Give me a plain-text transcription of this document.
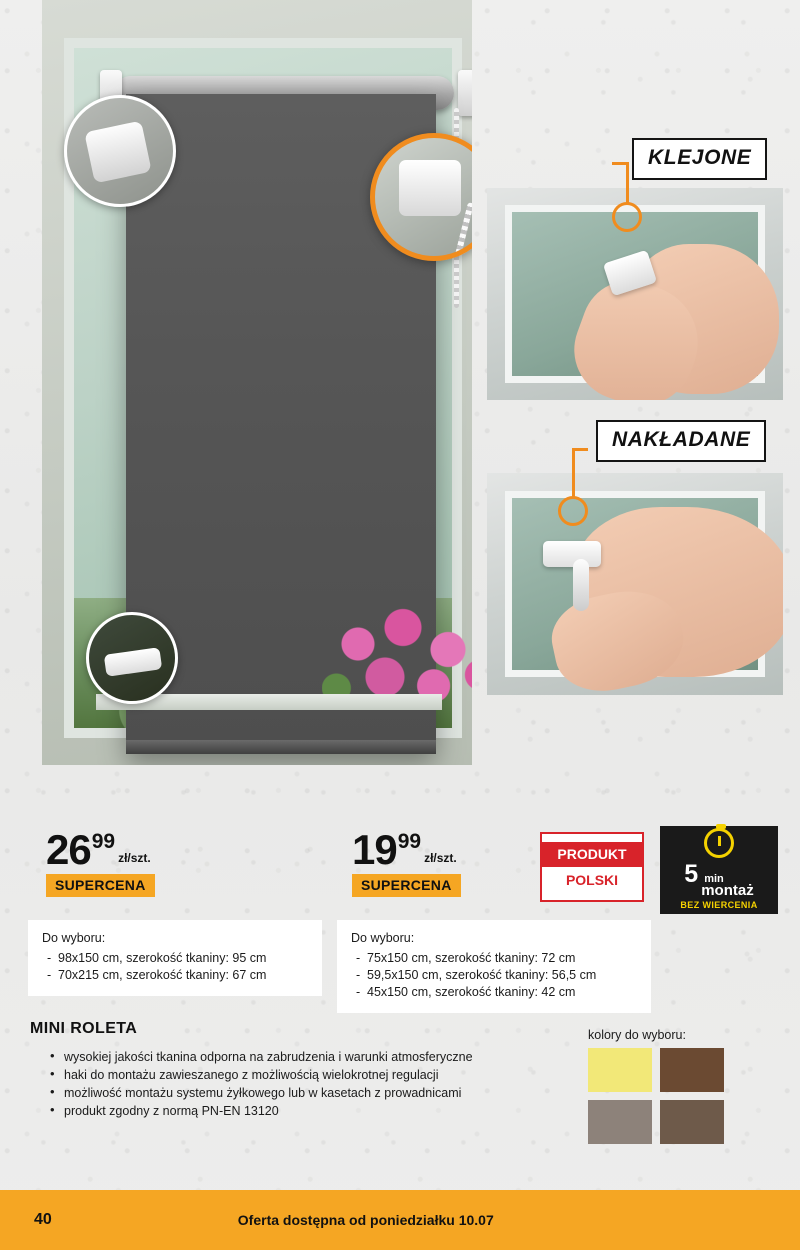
KLEJONE
NAKŁADANE
26 99
zł/szt.
SUPERCENA
19 99
zł/szt.
SUPERCENA
Do wyboru:
- 98x150 cm, szerokość tkaniny: 95 cm
- 70x215 cm, szerokość tkaniny: 67 cm
Do wyboru:
- 75x150 cm, szerokość tkaniny: 72 cm
- 59,5x150 cm, szerokość tkaniny: 56,5 cm
- 45x150 cm, szerokość tkaniny: 42 cm
PRODUKT
POLSKI	5 min
montaż
BEZ WIERCENIA
MINI ROLETA
• wysokiej jakości tkanina odporna na zabrudzenia i warunki atmosferyczne
• haki do montażu zawieszanego z możliwością wielokrotnej regulacji
• możliwość montażu systemu żyłkowego lub w kasetach z prowadnicami
• produkt zgodny z normą PN-EN 13120
kolory do wyboru:
40	Oferta dostępna od poniedziałku 10.07
